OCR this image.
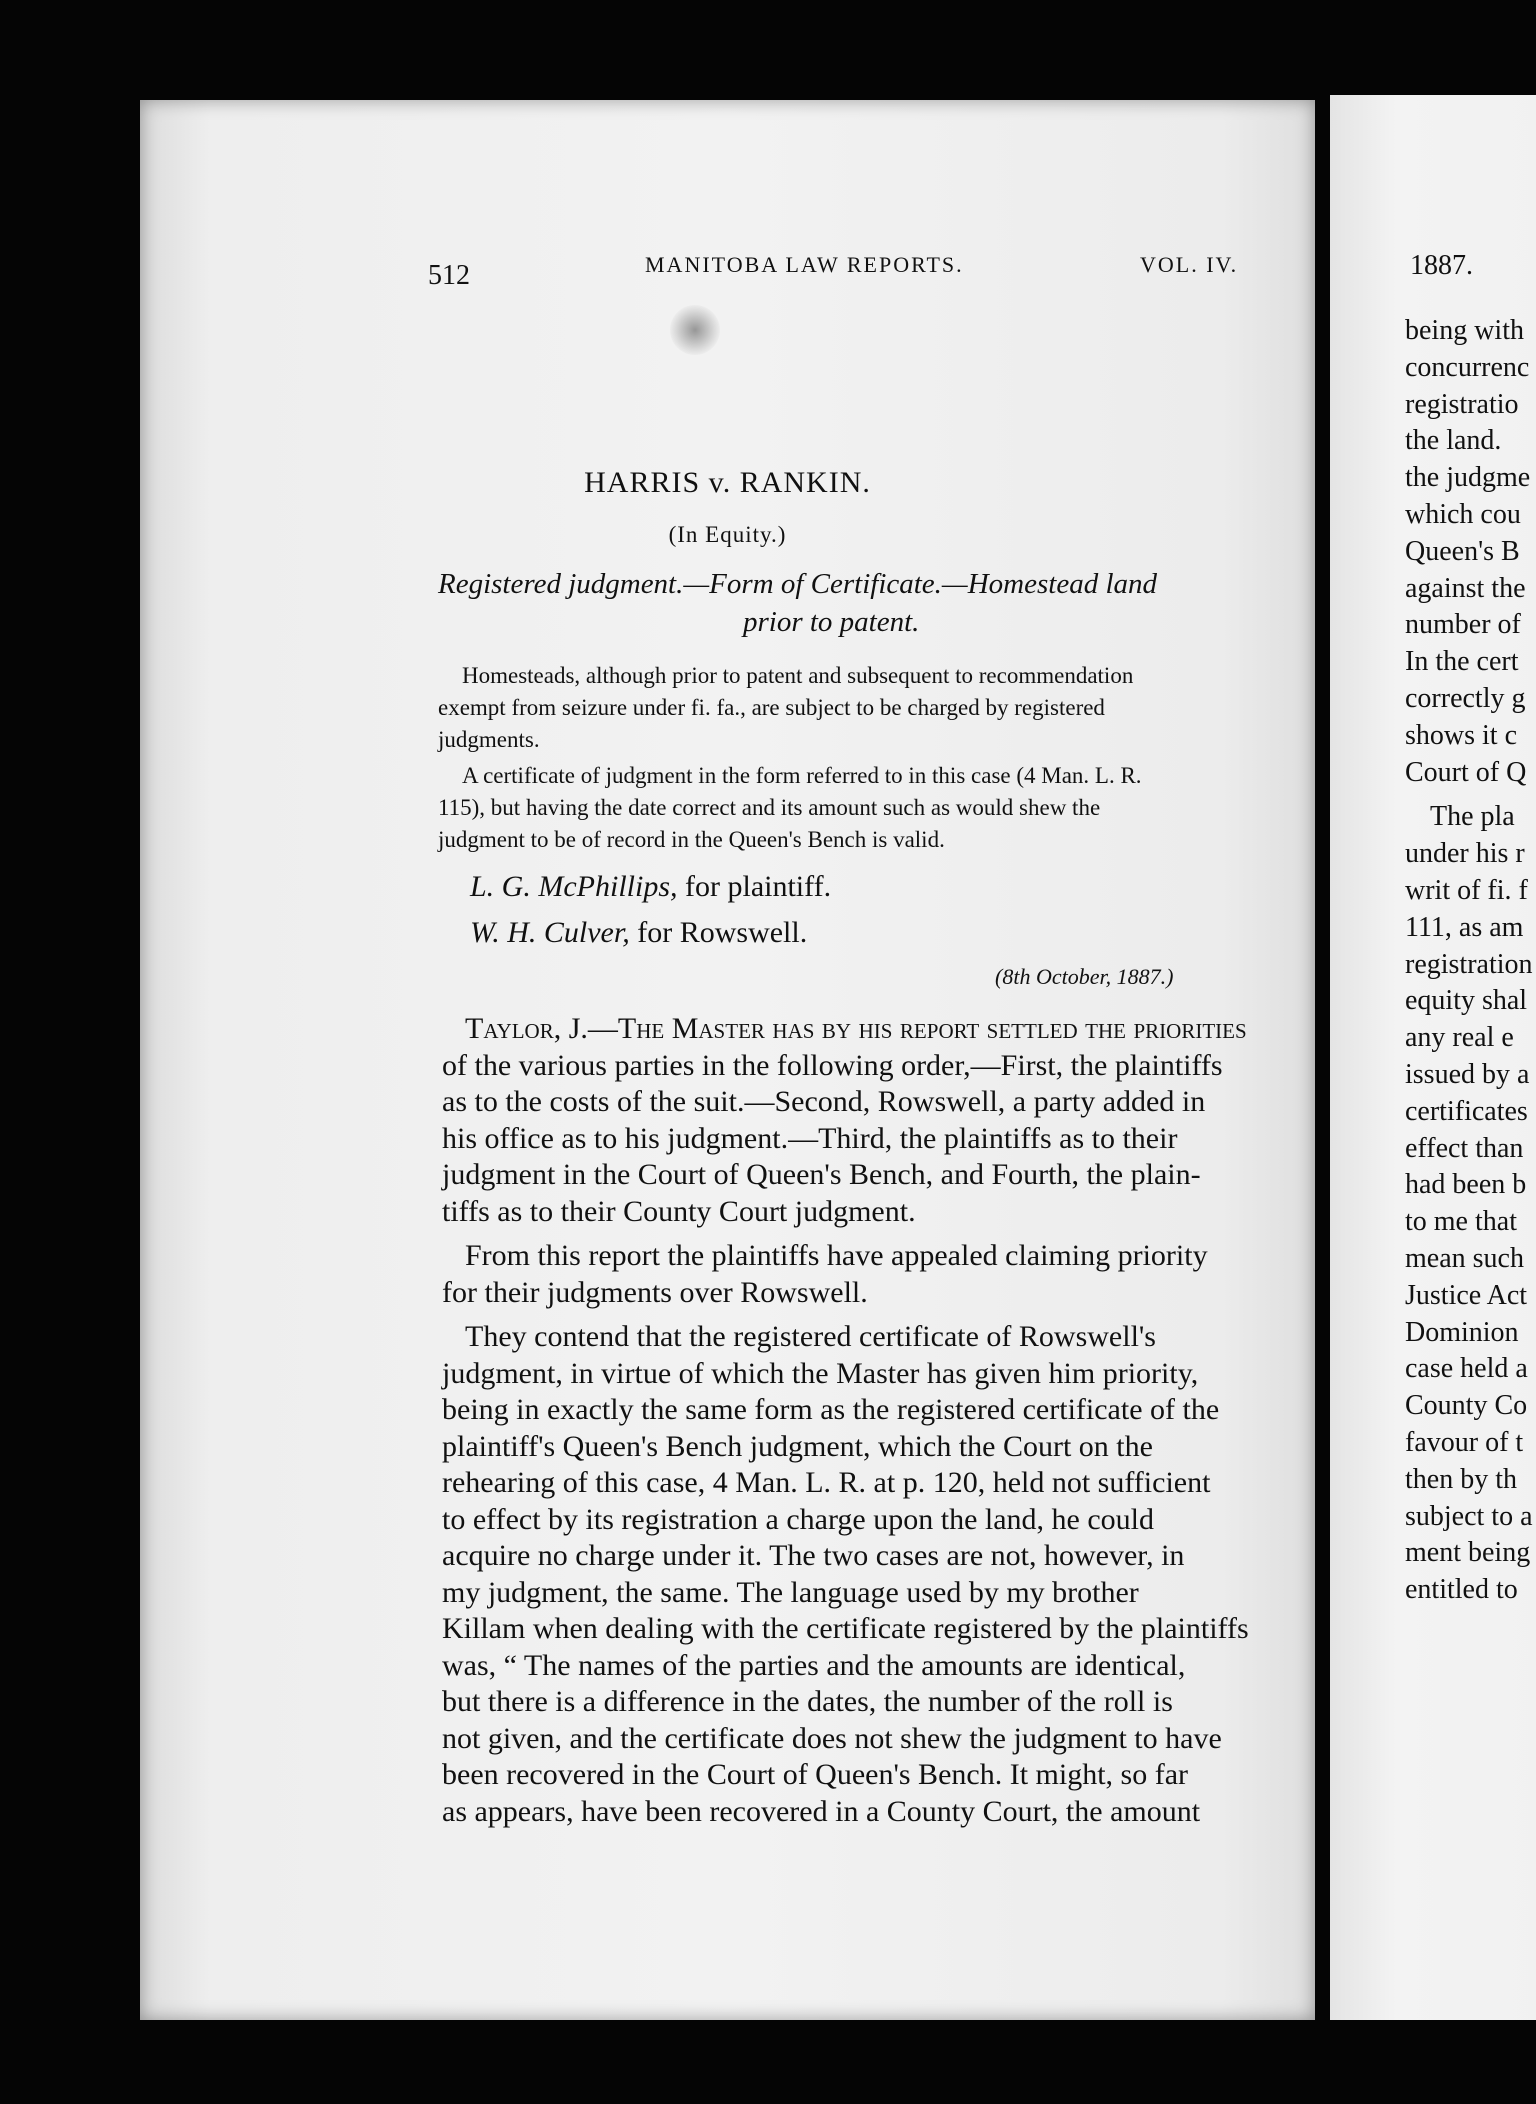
512	MANITOBA LAW REPORTS.	VOL. IV.
HARRIS v. RANKIN.
(In Equity.)
Registered judgment.—Form of Certificate.—Homestead land
prior to patent.
Homesteads, although prior to patent and subsequent to recommendation
exempt from seizure under fi. fa., are subject to be charged by registered
judgments.
A certificate of judgment in the form referred to in this case (4 Man. L. R.
115), but having the date correct and its amount such as would shew the
judgment to be of record in the Queen's Bench is valid.
L. G. McPhillips, for plaintiff.
W. H. Culver, for Rowswell.
(8th October, 1887.)
Taylor, J.—The Master has by his report settled the priorities
of the various parties in the following order,—First, the plaintiffs
as to the costs of the suit.—Second, Rowswell, a party added in
his office as to his judgment.—Third, the plaintiffs as to their
judgment in the Court of Queen's Bench, and Fourth, the plain-
tiffs as to their County Court judgment.
From this report the plaintiffs have appealed claiming priority
for their judgments over Rowswell.
They contend that the registered certificate of Rowswell's
judgment, in virtue of which the Master has given him priority,
being in exactly the same form as the registered certificate of the
plaintiff's Queen's Bench judgment, which the Court on the
rehearing of this case, 4 Man. L. R. at p. 120, held not sufficient
to effect by its registration a charge upon the land, he could
acquire no charge under it. The two cases are not, however, in
my judgment, the same. The language used by my brother
Killam when dealing with the certificate registered by the plaintiffs
was, “ The names of the parties and the amounts are identical,
but there is a difference in the dates, the number of the roll is
not given, and the certificate does not shew the judgment to have
been recovered in the Court of Queen's Bench. It might, so far
as appears, have been recovered in a County Court, the amount
1887.
being with
concurrenc
registratio
the land.
the judgme
which cou
Queen's B
against the
number of
In the cert
correctly g
shows it c
Court of Q
The pla
under his r
writ of fi. f
111, as am
registration
equity shal
any real e
issued by a
certificates
effect than
had been b
to me that
mean such
Justice Act
Dominion
case held a
County Co
favour of t
then by th
subject to a
ment being
entitled to
